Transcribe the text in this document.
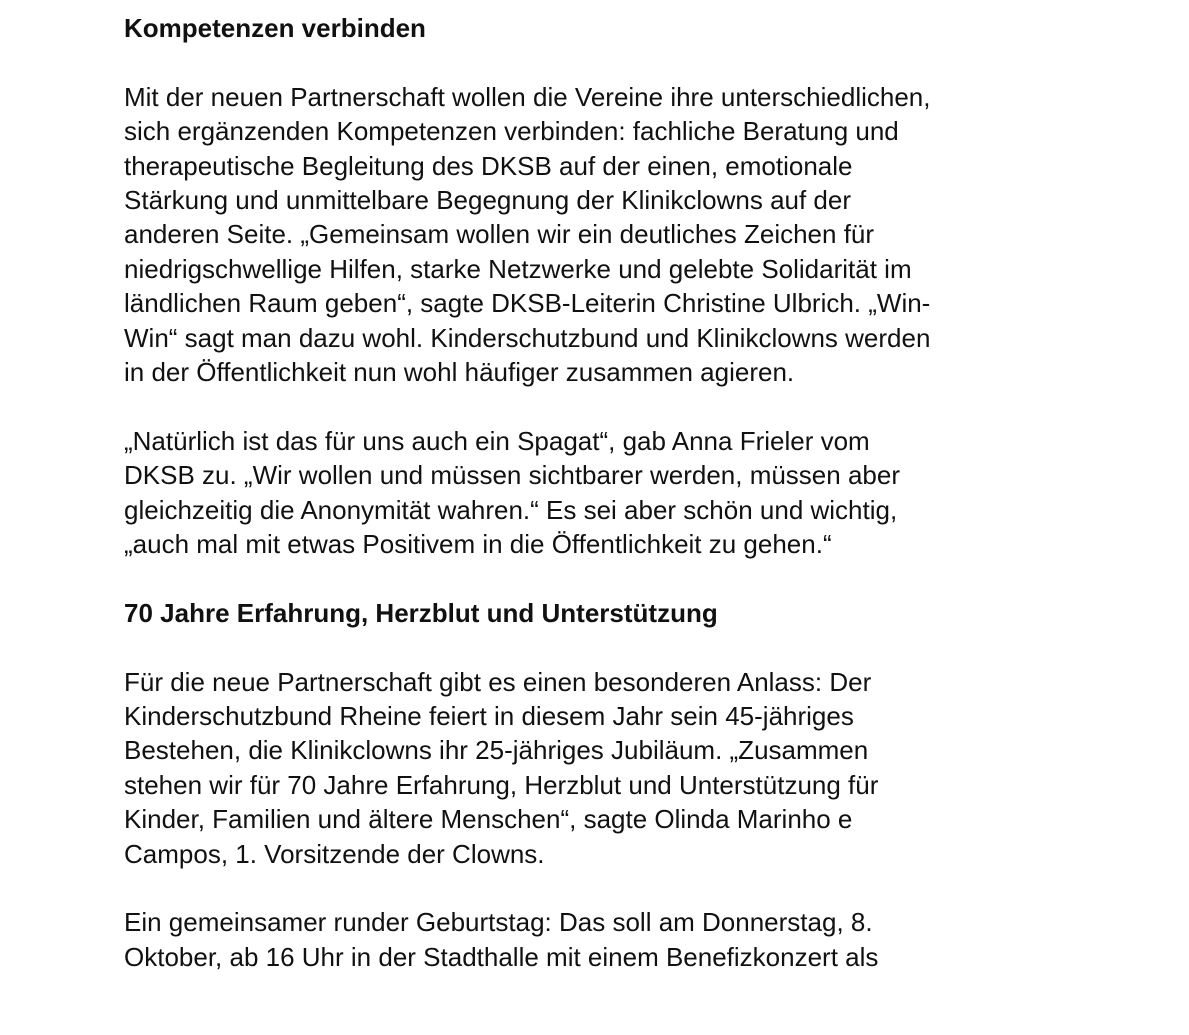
Kompetenzen verbinden

Mit der neuen Partnerschaft wollen die Vereine ihre unterschiedlichen,
sich ergänzenden Kompetenzen verbinden: fachliche Beratung und
therapeutische Begleitung des DKSB auf der einen, emotionale
Stärkung und unmittelbare Begegnung der Klinikclowns auf der
anderen Seite. „Gemeinsam wollen wir ein deutliches Zeichen für
niedrigschwellige Hilfen, starke Netzwerke und gelebte Solidarität im
ländlichen Raum geben“, sagte DKSB-Leiterin Christine Ulbrich. „Win-
Win“ sagt man dazu wohl. Kinderschutzbund und Klinikclowns werden
in der Öffentlichkeit nun wohl häufiger zusammen agieren.

„Natürlich ist das für uns auch ein Spagat“, gab Anna Frieler vom
DKSB zu. „Wir wollen und müssen sichtbarer werden, müssen aber
gleichzeitig die Anonymität wahren.“ Es sei aber schön und wichtig,
„auch mal mit etwas Positivem in die Öffentlichkeit zu gehen.“

70 Jahre Erfahrung, Herzblut und Unterstützung

Für die neue Partnerschaft gibt es einen besonderen Anlass: Der
Kinderschutzbund Rheine feiert in diesem Jahr sein 45-jähriges
Bestehen, die Klinikclowns ihr 25-jähriges Jubiläum. „Zusammen
stehen wir für 70 Jahre Erfahrung, Herzblut und Unterstützung für
Kinder, Familien und ältere Menschen“, sagte Olinda Marinho e
Campos, 1. Vorsitzende der Clowns.

Ein gemeinsamer runder Geburtstag: Das soll am Donnerstag, 8.
Oktober, ab 16 Uhr in der Stadthalle mit einem Benefizkonzert als
